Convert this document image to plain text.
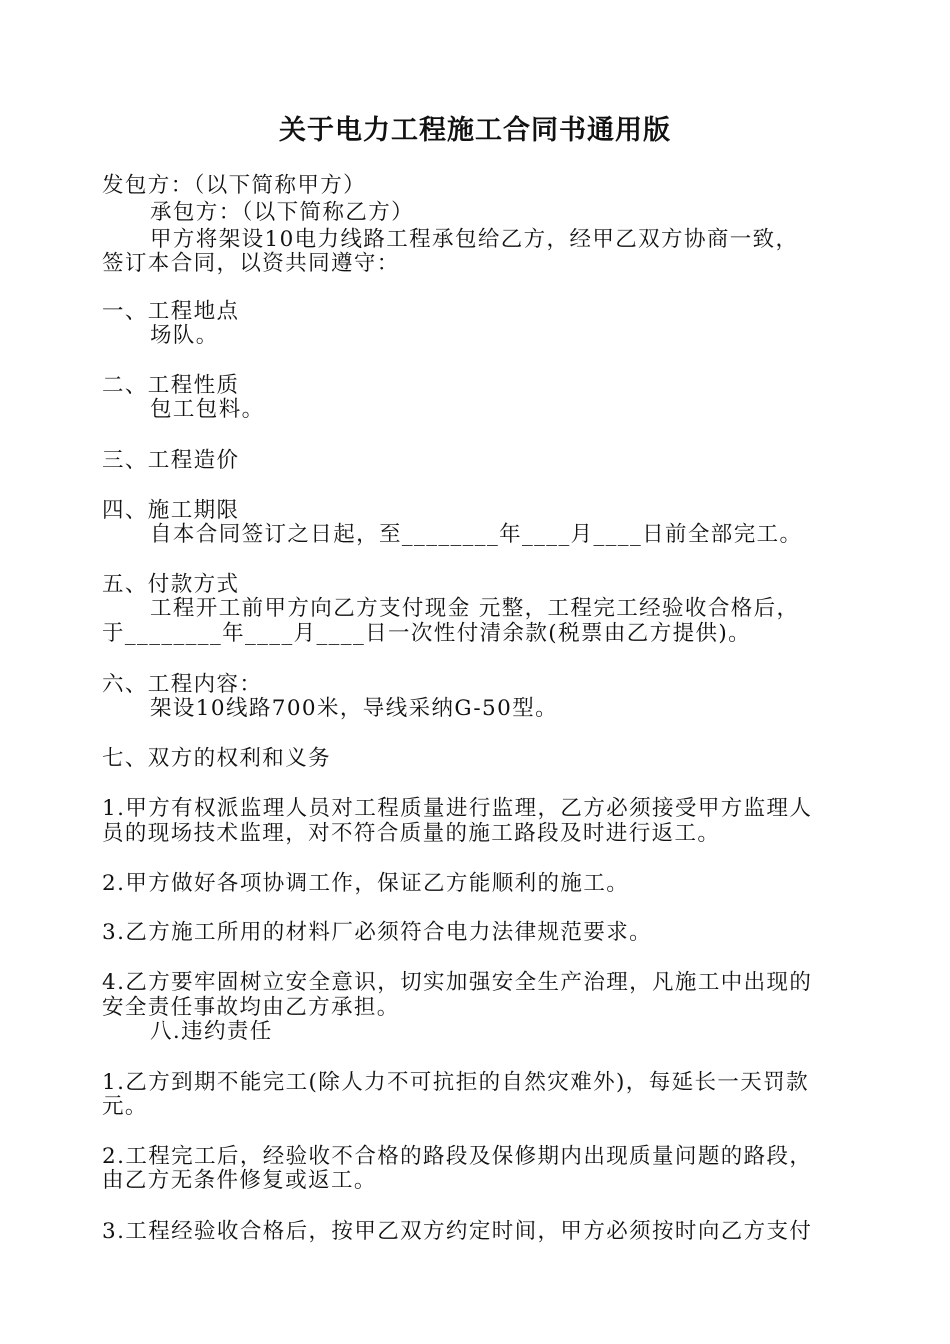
关于电力工程施工合同书通用版
发包方：（以下简称甲方）
承包方：（以下简称乙方）
甲方将架设10电力线路工程承包给乙方，经甲乙双方协商一致，
签订本合同，以资共同遵守：
一、工程地点
场队。
二、工程性质
包工包料。
三、工程造价
四、施工期限
自本合同签订之日起，至________年____月____日前全部完工。
五、付款方式
工程开工前甲方向乙方支付现金 元整，工程完工经验收合格后，
于________年____月____日一次性付清余款(税票由乙方提供)。
六、工程内容：
架设10线路700米，导线采纳G-50型。
七、双方的权利和义务
1.甲方有权派监理人员对工程质量进行监理，乙方必须接受甲方监理人
员的现场技术监理，对不符合质量的施工路段及时进行返工。
2.甲方做好各项协调工作，保证乙方能顺利的施工。
3.乙方施工所用的材料厂必须符合电力法律规范要求。
4.乙方要牢固树立安全意识，切实加强安全生产治理，凡施工中出现的
安全责任事故均由乙方承担。
八.违约责任
1.乙方到期不能完工(除人力不可抗拒的自然灾难外)，每延长一天罚款
元。
2.工程完工后，经验收不合格的路段及保修期内出现质量问题的路段，
由乙方无条件修复或返工。
3.工程经验收合格后，按甲乙双方约定时间，甲方必须按时向乙方支付
